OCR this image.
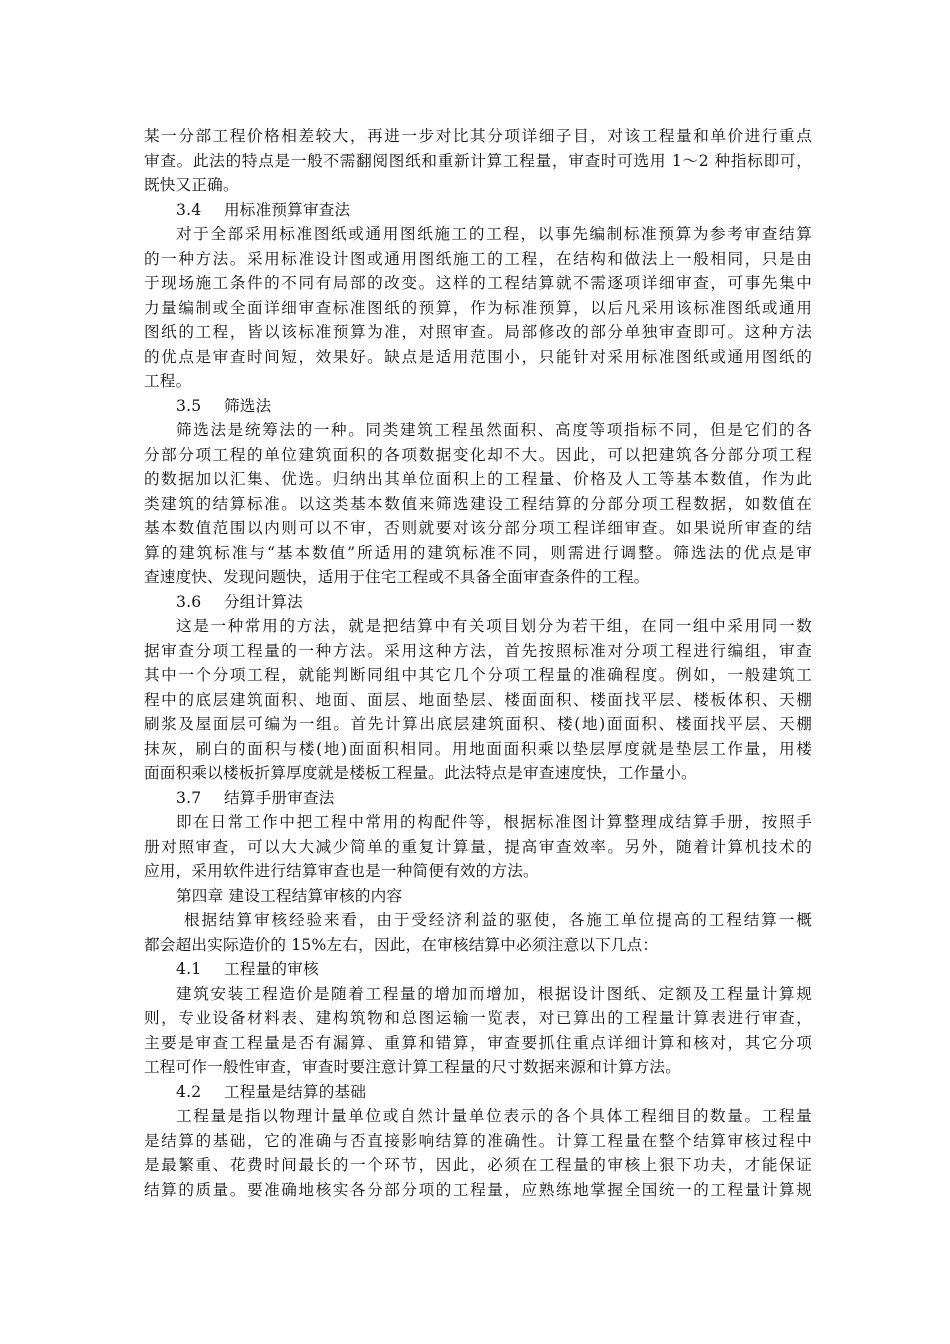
某一分部工程价格相差较大，再进一步对比其分项详细子目，对该工程量和单价进行重点
审查。此法的特点是一般不需翻阅图纸和重新计算工程量，审查时可选用 1～2 种指标即可，
既快又正确。
3.4 用标准预算审查法
对于全部采用标准图纸或通用图纸施工的工程，以事先编制标准预算为参考审查结算
的一种方法。采用标准设计图或通用图纸施工的工程，在结构和做法上一般相同，只是由
于现场施工条件的不同有局部的改变。这样的工程结算就不需逐项详细审查，可事先集中
力量编制或全面详细审查标准图纸的预算，作为标准预算，以后凡采用该标准图纸或通用
图纸的工程，皆以该标准预算为准，对照审查。局部修改的部分单独审查即可。这种方法
的优点是审查时间短，效果好。缺点是适用范围小，只能针对采用标准图纸或通用图纸的
工程。
3.5 筛选法
筛选法是统筹法的一种。同类建筑工程虽然面积、高度等项指标不同，但是它们的各
分部分项工程的单位建筑面积的各项数据变化却不大。因此，可以把建筑各分部分项工程
的数据加以汇集、优选。归纳出其单位面积上的工程量、价格及人工等基本数值，作为此
类建筑的结算标准。以这类基本数值来筛选建设工程结算的分部分项工程数据，如数值在
基本数值范围以内则可以不审，否则就要对该分部分项工程详细审查。如果说所审查的结
算的建筑标准与“基本数值”所适用的建筑标准不同，则需进行调整。筛选法的优点是审
查速度快、发现问题快，适用于住宅工程或不具备全面审查条件的工程。
3.6 分组计算法
这是一种常用的方法，就是把结算中有关项目划分为若干组，在同一组中采用同一数
据审查分项工程量的一种方法。采用这种方法，首先按照标准对分项工程进行编组，审查
其中一个分项工程，就能判断同组中其它几个分项工程量的准确程度。例如，一般建筑工
程中的底层建筑面积、地面、面层、地面垫层、楼面面积、楼面找平层、楼板体积、天棚
刷浆及屋面层可编为一组。首先计算出底层建筑面积、楼(地)面面积、楼面找平层、天棚
抹灰，刷白的面积与楼(地)面面积相同。用地面面积乘以垫层厚度就是垫层工作量，用楼
面面积乘以楼板折算厚度就是楼板工程量。此法特点是审查速度快，工作量小。
3.7 结算手册审查法
即在日常工作中把工程中常用的构配件等，根据标准图计算整理成结算手册，按照手
册对照审查，可以大大减少简单的重复计算量，提高审查效率。另外，随着计算机技术的
应用，采用软件进行结算审查也是一种简便有效的方法。
第四章 建设工程结算审核的内容
根据结算审核经验来看，由于受经济利益的驱使，各施工单位提高的工程结算一概
都会超出实际造价的 15%左右，因此，在审核结算中必须注意以下几点：
4.1 工程量的审核
建筑安装工程造价是随着工程量的增加而增加，根据设计图纸、定额及工程量计算规
则，专业设备材料表、建构筑物和总图运输一览表，对已算出的工程量计算表进行审查，
主要是审查工程量是否有漏算、重算和错算，审查要抓住重点详细计算和核对，其它分项
工程可作一般性审查，审查时要注意计算工程量的尺寸数据来源和计算方法。
4.2 工程量是结算的基础
工程量是指以物理计量单位或自然计量单位表示的各个具体工程细目的数量。工程量
是结算的基础，它的准确与否直接影响结算的准确性。计算工程量在整个结算审核过程中
是最繁重、花费时间最长的一个环节，因此，必须在工程量的审核上狠下功夫，才能保证
结算的质量。要准确地核实各分部分项的工程量，应熟练地掌握全国统一的工程量计算规
